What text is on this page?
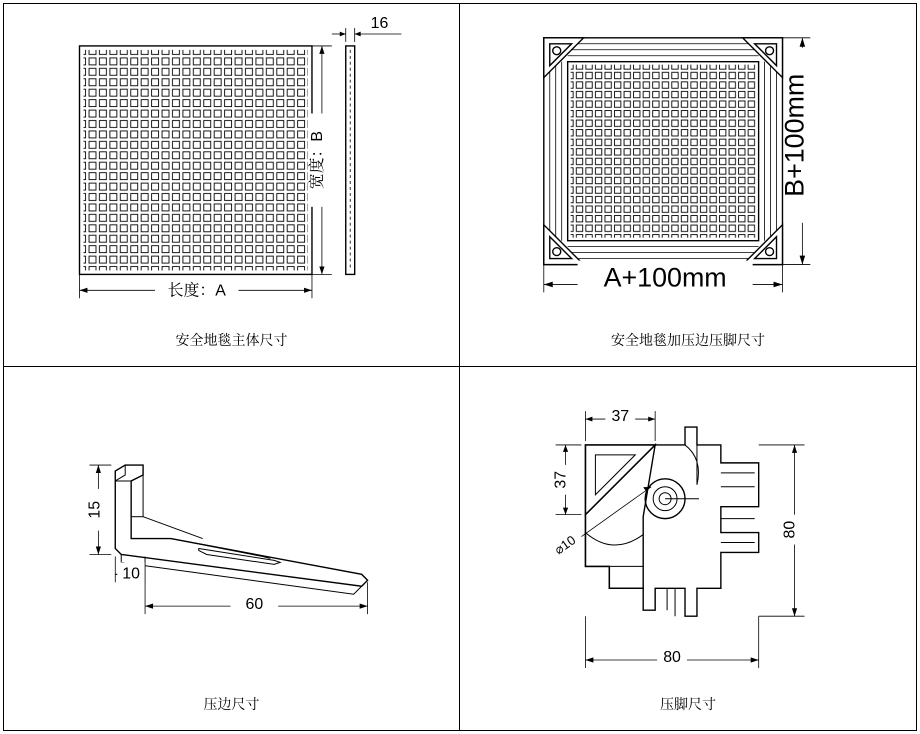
16
长度：A
宽度：B
安全地毯主体尺寸
A+100mm
B+100mm
安全地毯加压边压脚尺寸
15
10
60
压边尺寸
37
37
⌀10
80
80
压脚尺寸
